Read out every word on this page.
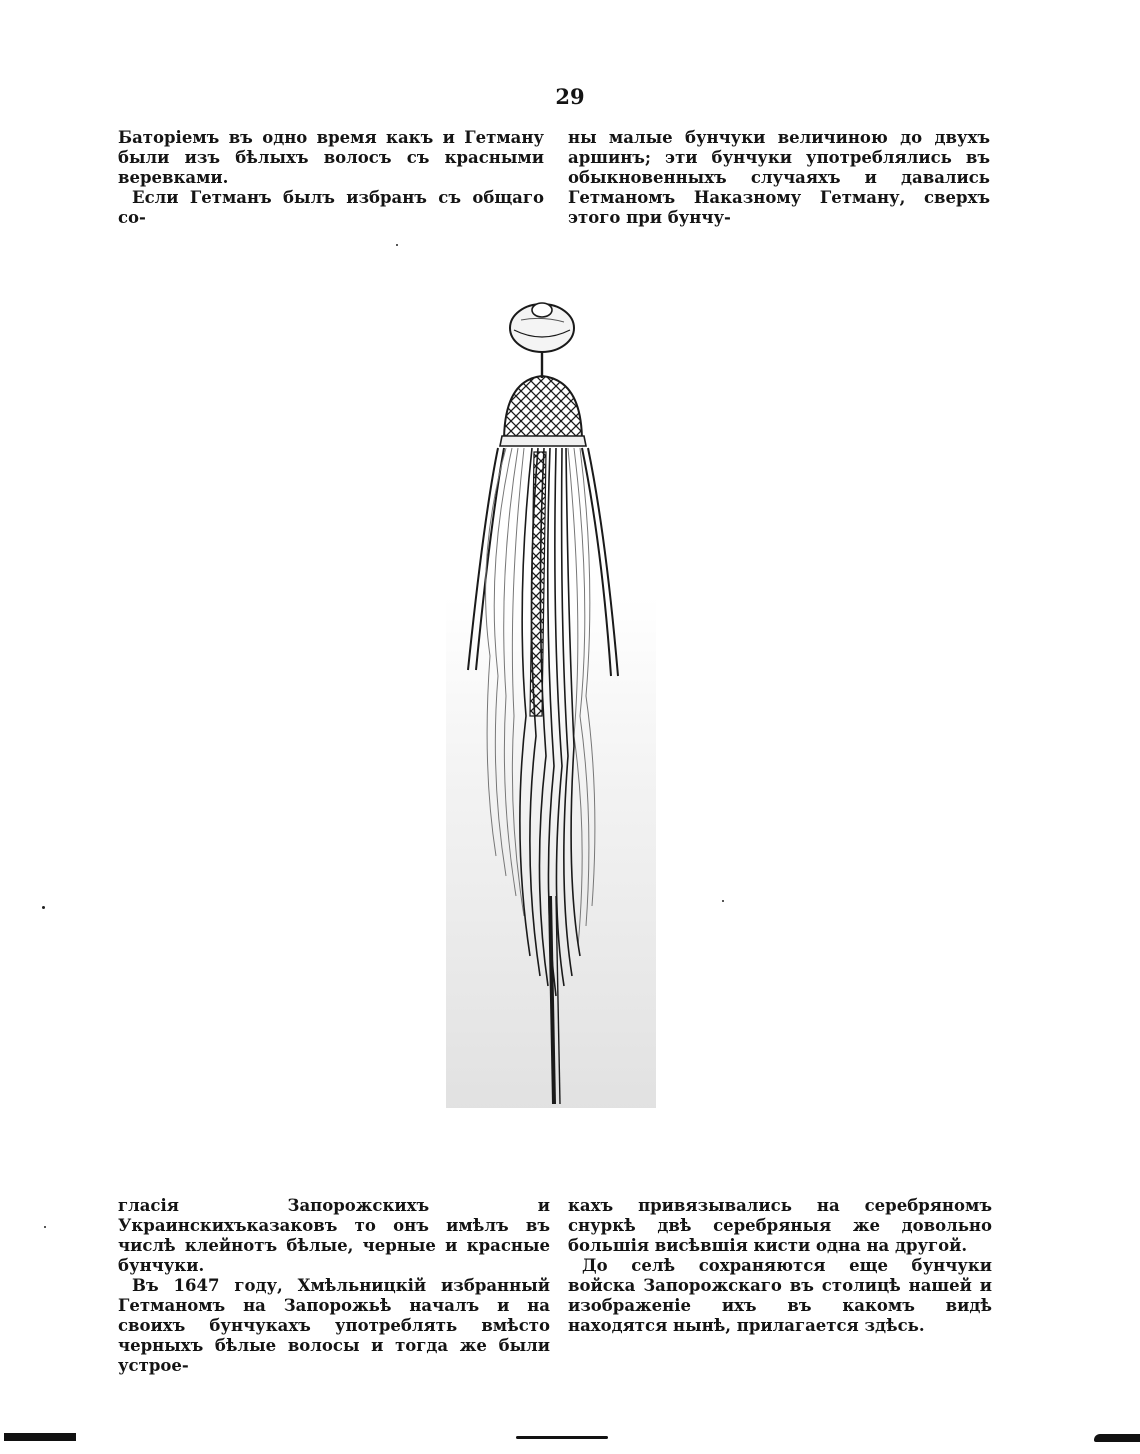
29

Баторіемъ въ одно время какъ и Гетману были изъ бѣлыхъ волосъ съ красными веревками.

Если Гетманъ былъ избранъ съ общаго со-

ны малые бунчуки величиною до двухъ аршинъ; эти бунчуки употреблялись въ обыкновенныхъ случаяхъ и давались Гетманомъ Наказному Гетману, сверхъ этого при бунчу-

гласія Запорожскихъ и Украинскихъказаковъ то онъ имѣлъ въ числѣ клейнотъ бѣлые, черные и красные бунчуки.

Въ 1647 году, Хмѣльницкій избранный Гетманомъ на Запорожьѣ началъ и на своихъ бунчукахъ употреблять вмѣсто черныхъ бѣлые волосы и тогда же были устрое-

кахъ привязывались на серебряномъ снуркѣ двѣ серебряныя же довольно большія висѣвшія кисти одна на другой.

До селѣ сохраняются еще бунчуки войска Запорожскаго въ столицѣ нашей и изображеніе ихъ въ какомъ видѣ находятся нынѣ, прилагается здѣсь.
